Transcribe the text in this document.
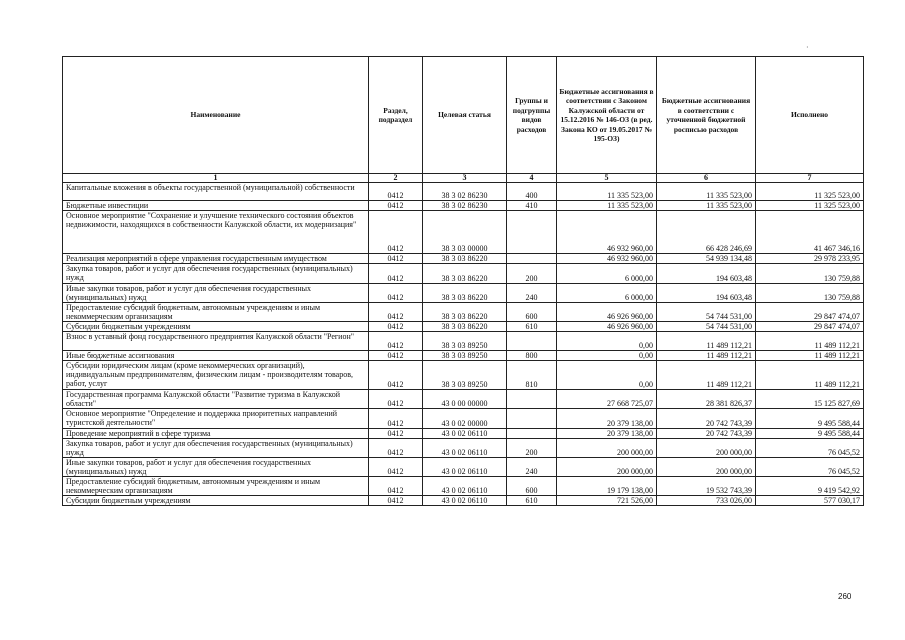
·
Наименование	Раздел, подраздел	Целевая статья	Группы и подгруппы видов расходов	Бюджетные ассигнования в соответствии с Законом Калужской области от 15.12.2016 № 146-ОЗ (в ред. Закона КО от 19.05.2017 № 195-ОЗ)	Бюджетные ассигнования в соответствии с уточненной бюджетной росписью расходов	Исполнено
1	2	3	4	5	6	7
Капитальные вложения в объекты государственной (муниципальной) собственности	0412	38 3 02 86230	400	11 335 523,00	11 335 523,00	11 325 523,00
Бюджетные инвестиции	0412	38 3 02 86230	410	11 335 523,00	11 335 523,00	11 325 523,00
Основное мероприятие "Сохранение и улучшение технического состояния объектов недвижимости, находящихся в собственности Калужской области, их модернизация"	0412	38 3 03 00000		46 932 960,00	66 428 246,69	41 467 346,16
Реализация мероприятий в сфере управления государственным имуществом	0412	38 3 03 86220		46 932 960,00	54 939 134,48	29 978 233,95
Закупка товаров, работ и услуг для обеспечения государственных (муниципальных) нужд	0412	38 3 03 86220	200	6 000,00	194 603,48	130 759,88
Иные закупки товаров, работ и услуг для обеспечения государственных (муниципальных) нужд	0412	38 3 03 86220	240	6 000,00	194 603,48	130 759,88
Предоставление субсидий бюджетным, автономным учреждениям и иным некоммерческим организациям	0412	38 3 03 86220	600	46 926 960,00	54 744 531,00	29 847 474,07
Субсидии бюджетным учреждениям	0412	38 3 03 86220	610	46 926 960,00	54 744 531,00	29 847 474,07
Взнос в уставный фонд государственного предприятия Калужской области "Регион"	0412	38 3 03 89250		0,00	11 489 112,21	11 489 112,21
Иные бюджетные ассигнования	0412	38 3 03 89250	800	0,00	11 489 112,21	11 489 112,21
Субсидии юридическим лицам (кроме некоммерческих организаций), индивидуальным предпринимателям, физическим лицам - производителям товаров, работ, услуг	0412	38 3 03 89250	810	0,00	11 489 112,21	11 489 112,21
Государственная программа Калужской области "Развитие туризма в Калужской области"	0412	43 0 00 00000		27 668 725,07	28 381 826,37	15 125 827,69
Основное мероприятие "Определение и поддержка приоритетных направлений туристской деятельности"	0412	43 0 02 00000		20 379 138,00	20 742 743,39	9 495 588,44
Проведение мероприятий в сфере туризма	0412	43 0 02 06110		20 379 138,00	20 742 743,39	9 495 588,44
Закупка товаров, работ и услуг для обеспечения государственных (муниципальных) нужд	0412	43 0 02 06110	200	200 000,00	200 000,00	76 045,52
Иные закупки товаров, работ и услуг для обеспечения государственных (муниципальных) нужд	0412	43 0 02 06110	240	200 000,00	200 000,00	76 045,52
Предоставление субсидий бюджетным, автономным учреждениям и иным некоммерческим организациям	0412	43 0 02 06110	600	19 179 138,00	19 532 743,39	9 419 542,92
Субсидии бюджетным учреждениям	0412	43 0 02 06110	610	721 526,00	733 026,00	577 030,17
260
